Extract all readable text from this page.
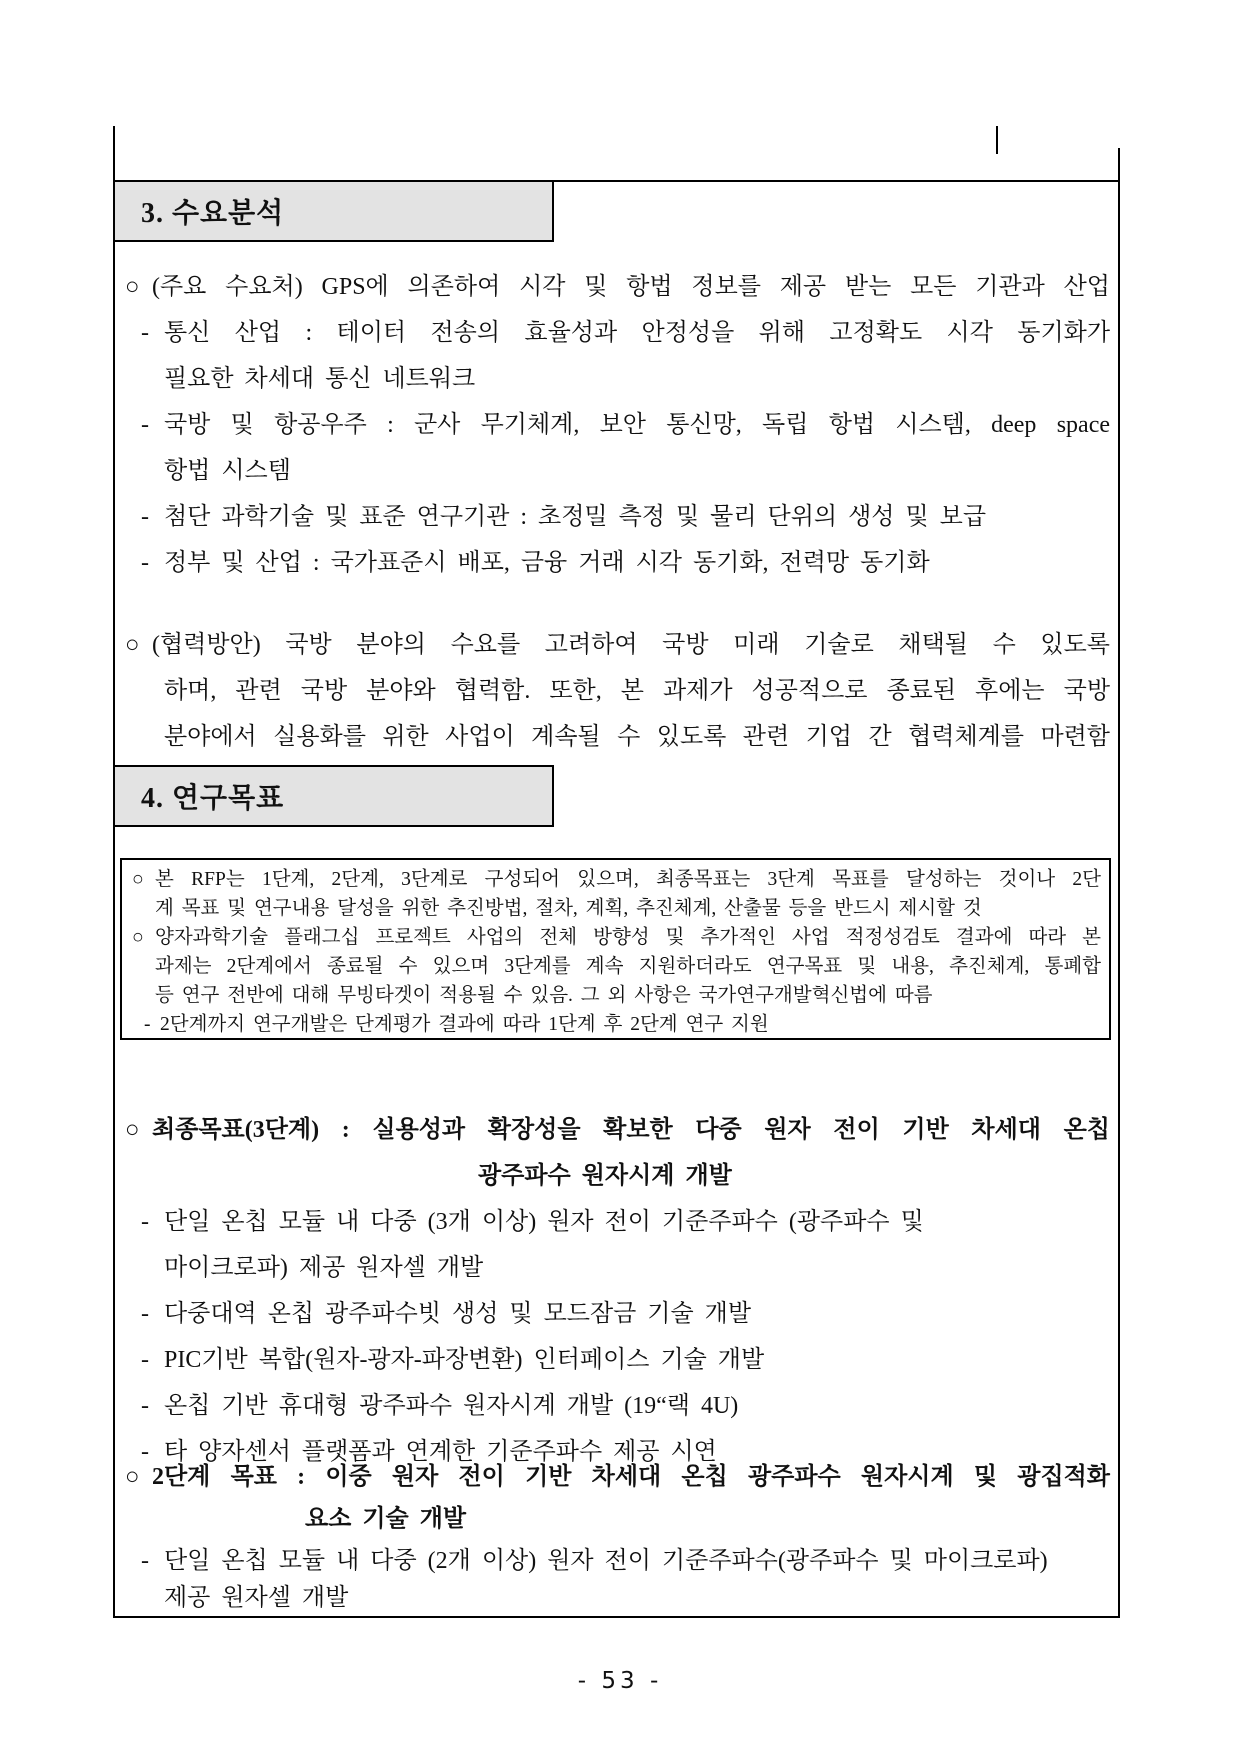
3. 수요분석
○ (주요 수요처) GPS에 의존하여 시각 및 항법 정보를 제공 받는 모든 기관과 산업
- 통신 산업 : 테이터 전송의 효율성과 안정성을 위해 고정확도 시각 동기화가
필요한 차세대 통신 네트워크
- 국방 및 항공우주 : 군사 무기체계, 보안 통신망, 독립 항법 시스템, deep space
항법 시스템
- 첨단 과학기술 및 표준 연구기관 : 초정밀 측정 및 물리 단위의 생성 및 보급
- 정부 및 산업 : 국가표준시 배포, 금융 거래 시각 동기화, 전력망 동기화
○ (협력방안) 국방 분야의 수요를 고려하여 국방 미래 기술로 채택될 수 있도록
하며, 관련 국방 분야와 협력함. 또한, 본 과제가 성공적으로 종료된 후에는 국방
분야에서 실용화를 위한 사업이 계속될 수 있도록 관련 기업 간 협력체계를 마련함
4. 연구목표
○ 본 RFP는 1단계, 2단계, 3단계로 구성되어 있으며, 최종목표는 3단계 목표를 달성하는 것이나 2단
계 목표 및 연구내용 달성을 위한 추진방법, 절차, 계획, 추진체계, 산출물 등을 반드시 제시할 것
○ 양자과학기술 플래그십 프로젝트 사업의 전체 방향성 및 추가적인 사업 적정성검토 결과에 따라 본
과제는 2단계에서 종료될 수 있으며 3단계를 계속 지원하더라도 연구목표 및 내용, 추진체계, 통폐합
등 연구 전반에 대해 무빙타겟이 적용될 수 있음. 그 외 사항은 국가연구개발혁신법에 따름
- 2단계까지 연구개발은 단계평가 결과에 따라 1단계 후 2단계 연구 지원
○ 최종목표(3단계) : 실용성과 확장성을 확보한 다중 원자 전이 기반 차세대 온칩
광주파수 원자시계 개발
- 단일 온칩 모듈 내 다중 (3개 이상) 원자 전이 기준주파수 (광주파수 및
마이크로파) 제공 원자셀 개발
- 다중대역 온칩 광주파수빗 생성 및 모드잠금 기술 개발
- PIC기반 복합(원자-광자-파장변환) 인터페이스 기술 개발
- 온칩 기반 휴대형 광주파수 원자시계 개발 (19“랙 4U)
- 타 양자센서 플랫폼과 연계한 기준주파수 제공 시연
○ 2단계 목표 : 이중 원자 전이 기반 차세대 온칩 광주파수 원자시계 및 광집적화
요소 기술 개발
- 단일 온칩 모듈 내 다중 (2개 이상) 원자 전이 기준주파수(광주파수 및 마이크로파)
제공 원자셀 개발
- 53 -
